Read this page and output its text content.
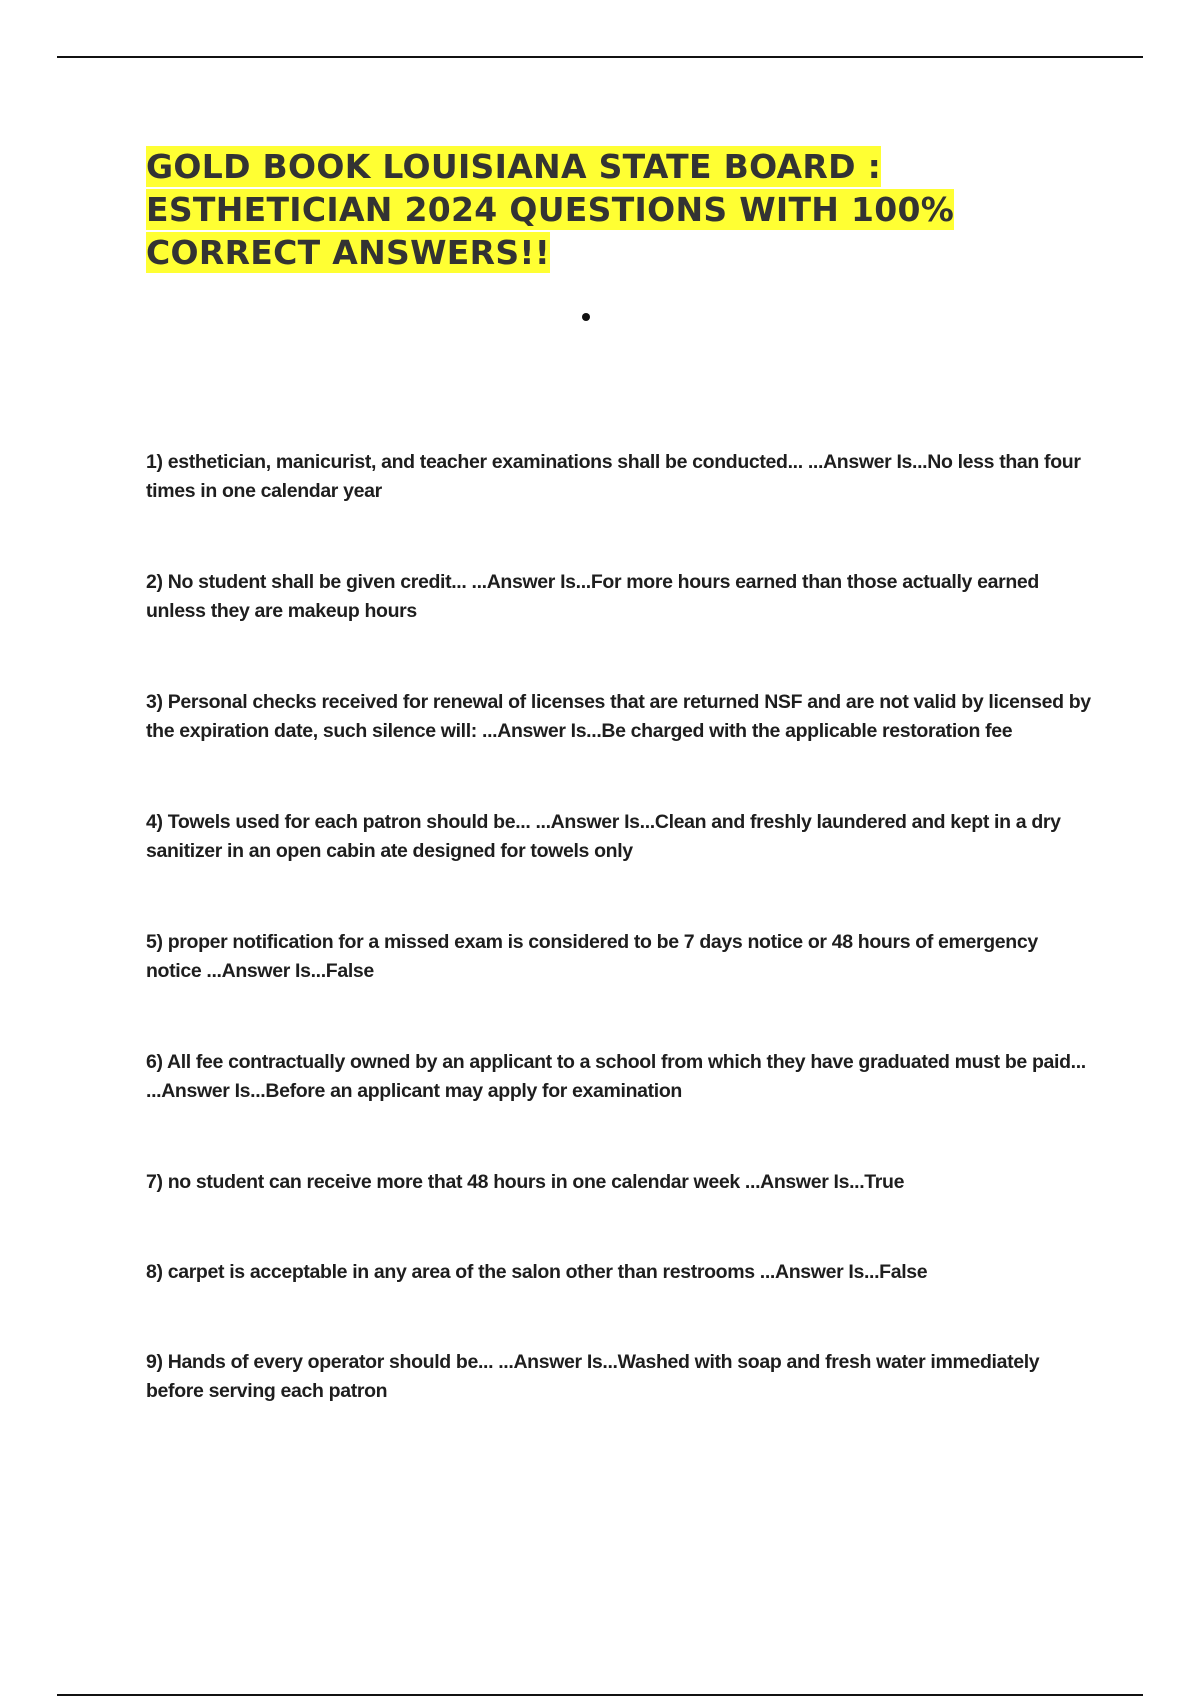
GOLD BOOK LOUISIANA STATE BOARD : ESTHETICIAN 2024 QUESTIONS WITH 100% CORRECT ANSWERS!!
1) esthetician, manicurist, and teacher examinations shall be conducted... ...Answer Is...No less than four times in one calendar year
2) No student shall be given credit... ...Answer Is...For more hours earned than those actually earned unless they are makeup hours
3) Personal checks received for renewal of licenses that are returned NSF and are not valid by licensed by the expiration date, such silence will: ...Answer Is...Be charged with the applicable restoration fee
4) Towels used for each patron should be... ...Answer Is...Clean and freshly laundered and kept in a dry sanitizer in an open cabin ate designed for towels only
5) proper notification for a missed exam is considered to be 7 days notice or 48 hours of emergency notice ...Answer Is...False
6) All fee contractually owned by an applicant to a school from which they have graduated must be paid... ...Answer Is...Before an applicant may apply for examination
7) no student can receive more that 48 hours in one calendar week ...Answer Is...True
8) carpet is acceptable in any area of the salon other than restrooms ...Answer Is...False
9) Hands of every operator should be... ...Answer Is...Washed with soap and fresh water immediately before serving each patron
